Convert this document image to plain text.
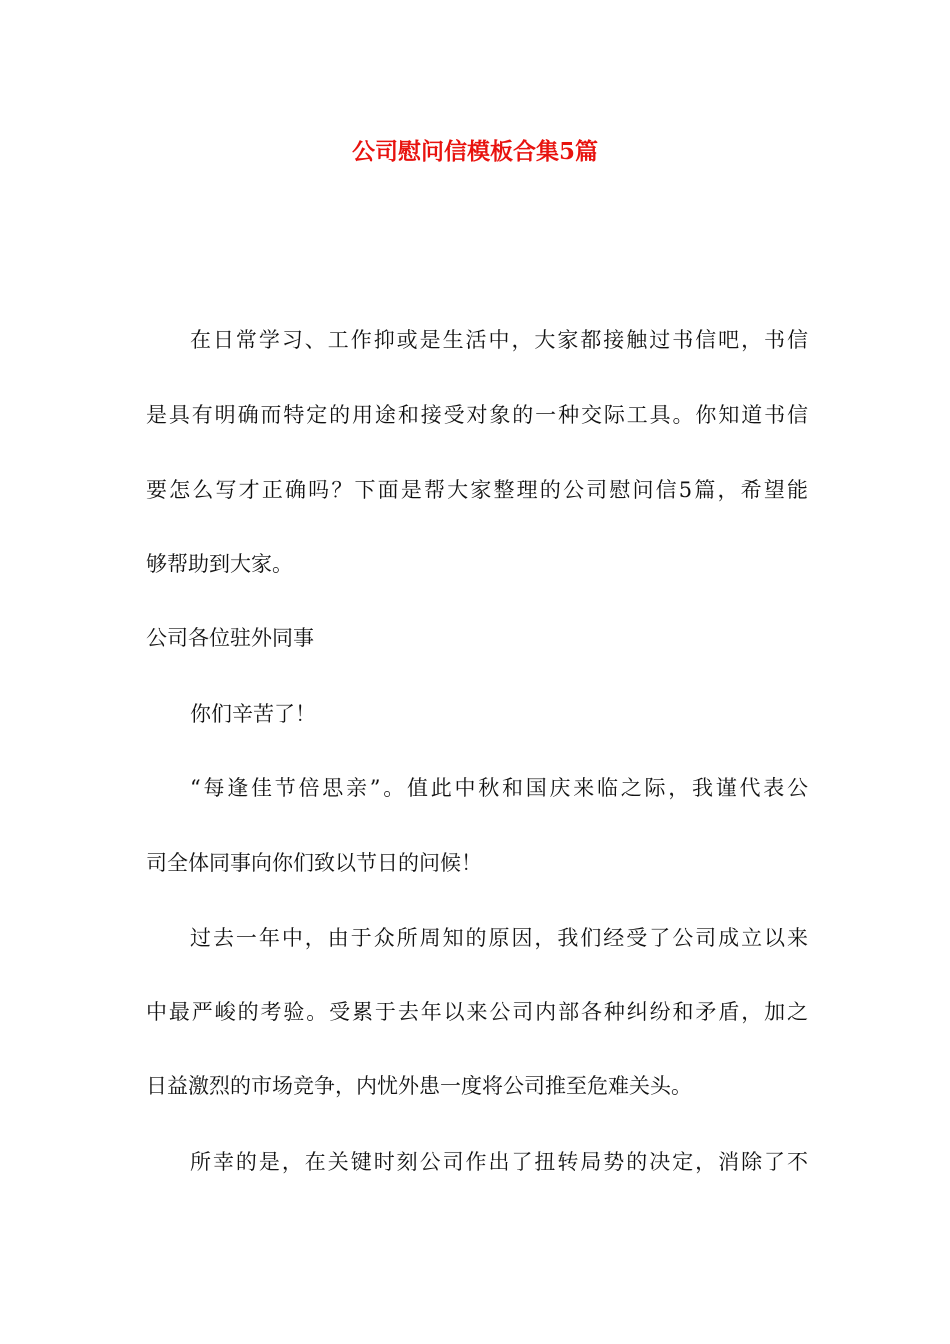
公司慰问信模板合集5篇

在日常学习、工作抑或是生活中，大家都接触过书信吧，书信

是具有明确而特定的用途和接受对象的一种交际工具。你知道书信

要怎么写才正确吗？下面是帮大家整理的公司慰问信5篇，希望能

够帮助到大家。

公司各位驻外同事

你们辛苦了！

“每逢佳节倍思亲”。值此中秋和国庆来临之际，我谨代表公

司全体同事向你们致以节日的问候！

过去一年中，由于众所周知的原因，我们经受了公司成立以来

中最严峻的考验。受累于去年以来公司内部各种纠纷和矛盾，加之

日益激烈的市场竞争，内忧外患一度将公司推至危难关头。

所幸的是，在关键时刻公司作出了扭转局势的决定，消除了不
